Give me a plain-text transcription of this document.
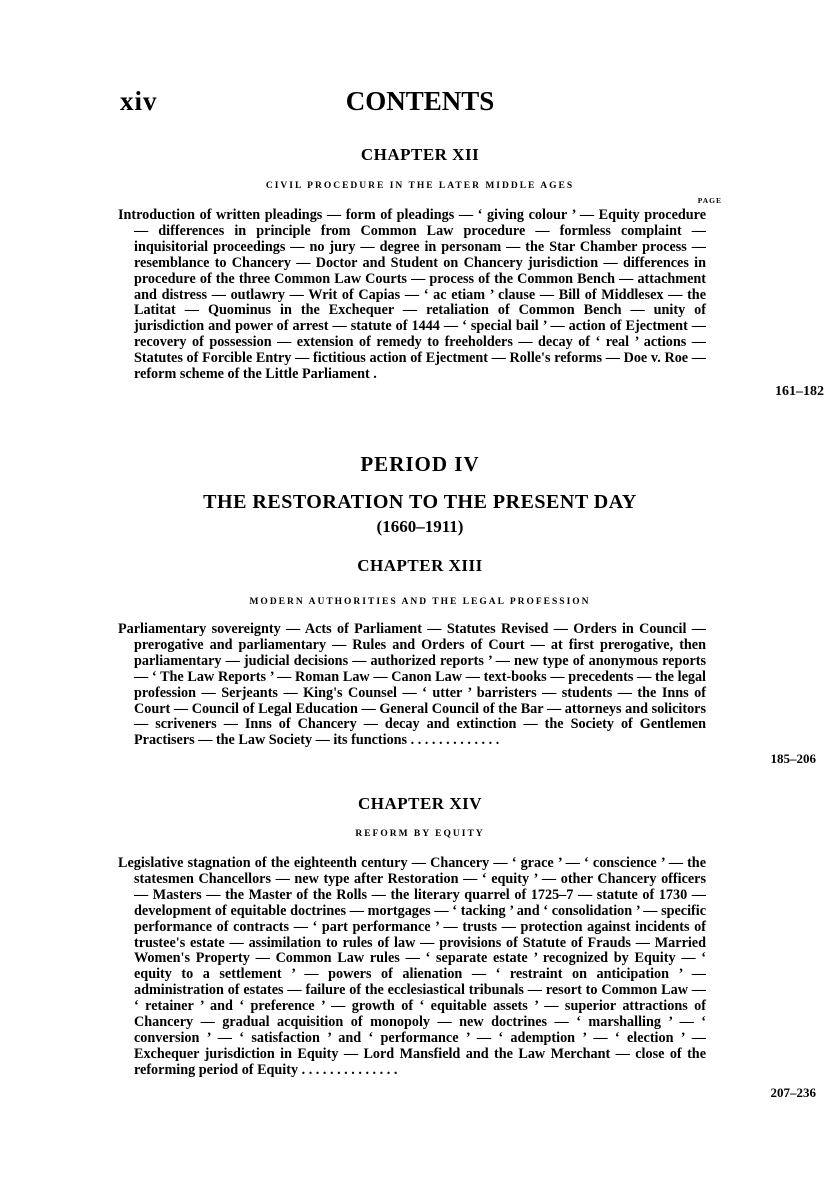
xiv	CONTENTS
CHAPTER XII
CIVIL PROCEDURE IN THE LATER MIDDLE AGES
PAGE
Introduction of written pleadings — form of pleadings — ‘ giving colour ’ — Equity procedure — differences in principle from Common Law procedure — formless complaint — inquisitorial proceedings — no jury — degree in personam — the Star Chamber process — resemblance to Chancery — Doctor and Student on Chancery jurisdiction — differences in procedure of the three Common Law Courts — process of the Common Bench — attachment and distress — outlawry — Writ of Capias — ‘ ac etiam ’ clause — Bill of Middlesex — the Latitat — Quominus in the Exchequer — retaliation of Common Bench — unity of jurisdiction and power of arrest — statute of 1444 — ‘ special bail ’ — action of Ejectment — recovery of possession — extension of remedy to freeholders — decay of ‘ real ’ actions — Statutes of Forcible Entry — fictitious action of Ejectment — Rolle's reforms — Doe v. Roe — reform scheme of the Little Parliament .
161–182
PERIOD IV
THE RESTORATION TO THE PRESENT DAY
(1660–1911)
CHAPTER XIII
MODERN AUTHORITIES AND THE LEGAL PROFESSION
Parliamentary sovereignty — Acts of Parliament — Statutes Revised — Orders in Council — prerogative and parliamentary — Rules and Orders of Court — at first prerogative, then parliamentary — judicial decisions — authorized reports ’ — new type of anonymous reports — ‘ The Law Reports ’ — Roman Law — Canon Law — text-books — precedents — the legal profession — Serjeants — King's Counsel — ‘ utter ’ barristers — students — the Inns of Court — Council of Legal Education — General Council of the Bar — attorneys and solicitors — scriveners — Inns of Chancery — decay and extinction — the Society of Gentlemen Practisers — the Law Society — its functions . . . . . . . . . . . . .
185–206
CHAPTER XIV
REFORM BY EQUITY
Legislative stagnation of the eighteenth century — Chancery — ‘ grace ’ — ‘ conscience ’ — the statesmen Chancellors — new type after Restoration — ‘ equity ’ — other Chancery officers — Masters — the Master of the Rolls — the literary quarrel of 1725–7 — statute of 1730 — development of equitable doctrines — mortgages — ‘ tacking ’ and ‘ consolidation ’ — specific performance of contracts — ‘ part performance ’ — trusts — protection against incidents of trustee's estate — assimilation to rules of law — provisions of Statute of Frauds — Married Women's Property — Common Law rules — ‘ separate estate ’ recognized by Equity — ‘ equity to a settlement ’ — powers of alienation — ‘ restraint on anticipation ’ — administration of estates — failure of the ecclesiastical tribunals — resort to Common Law — ‘ retainer ’ and ‘ preference ’ — growth of ‘ equitable assets ’ — superior attractions of Chancery — gradual acquisition of monopoly — new doctrines — ‘ marshalling ’ — ‘ conversion ’ — ‘ satisfaction ’ and ‘ performance ’ — ‘ ademption ’ — ‘ election ’ — Exchequer jurisdiction in Equity — Lord Mansfield and the Law Merchant — close of the reforming period of Equity . . . . . . . . . . . . . .
207–236
